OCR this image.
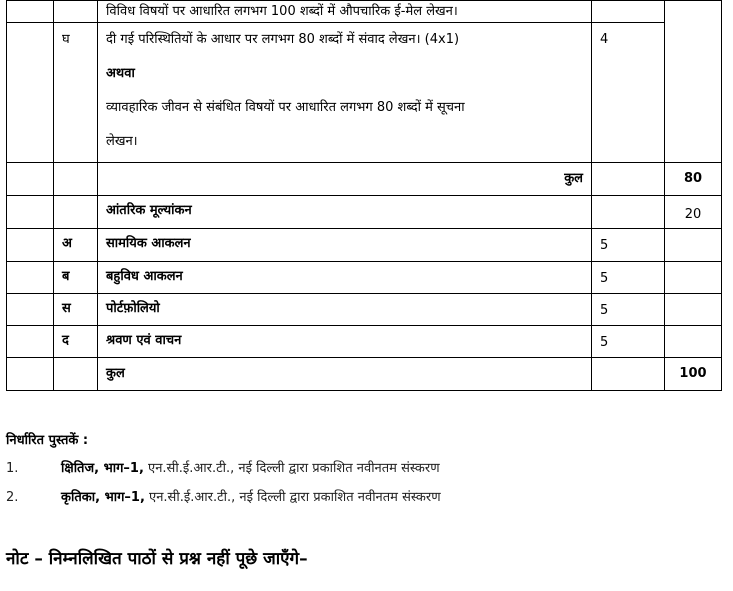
		विविध विषयों पर आधारित लगभग 100 शब्दों में औपचारिक ई-मेल लेखन।		
	घ	दी गई परिस्थितियों के आधार पर लगभग 80 शब्दों में संवाद लेखन। (4x1)
अथवा
व्यावहारिक जीवन से संबंधित विषयों पर आधारित लगभग 80 शब्दों में सूचना
लेखन।	4	
		कुल		80
		आंतरिक मूल्यांकन		20
	अ	सामयिक आकलन	5	
	ब	बहुविध आकलन	5	
	स	पोर्टफ़ोलियो	5	
	द	श्रवण एवं वाचन	5	
		कुल		100
निर्धारित पुस्तकें :
1.	क्षितिज, भाग–1, एन.सी.ई.आर.टी., नई दिल्ली द्वारा प्रकाशित नवीनतम संस्करण
2.	कृतिका, भाग–1, एन.सी.ई.आर.टी., नई दिल्ली द्वारा प्रकाशित नवीनतम संस्करण
नोट – निम्नलिखित पाठों से प्रश्न नहीं पूछे जाएँगे–
